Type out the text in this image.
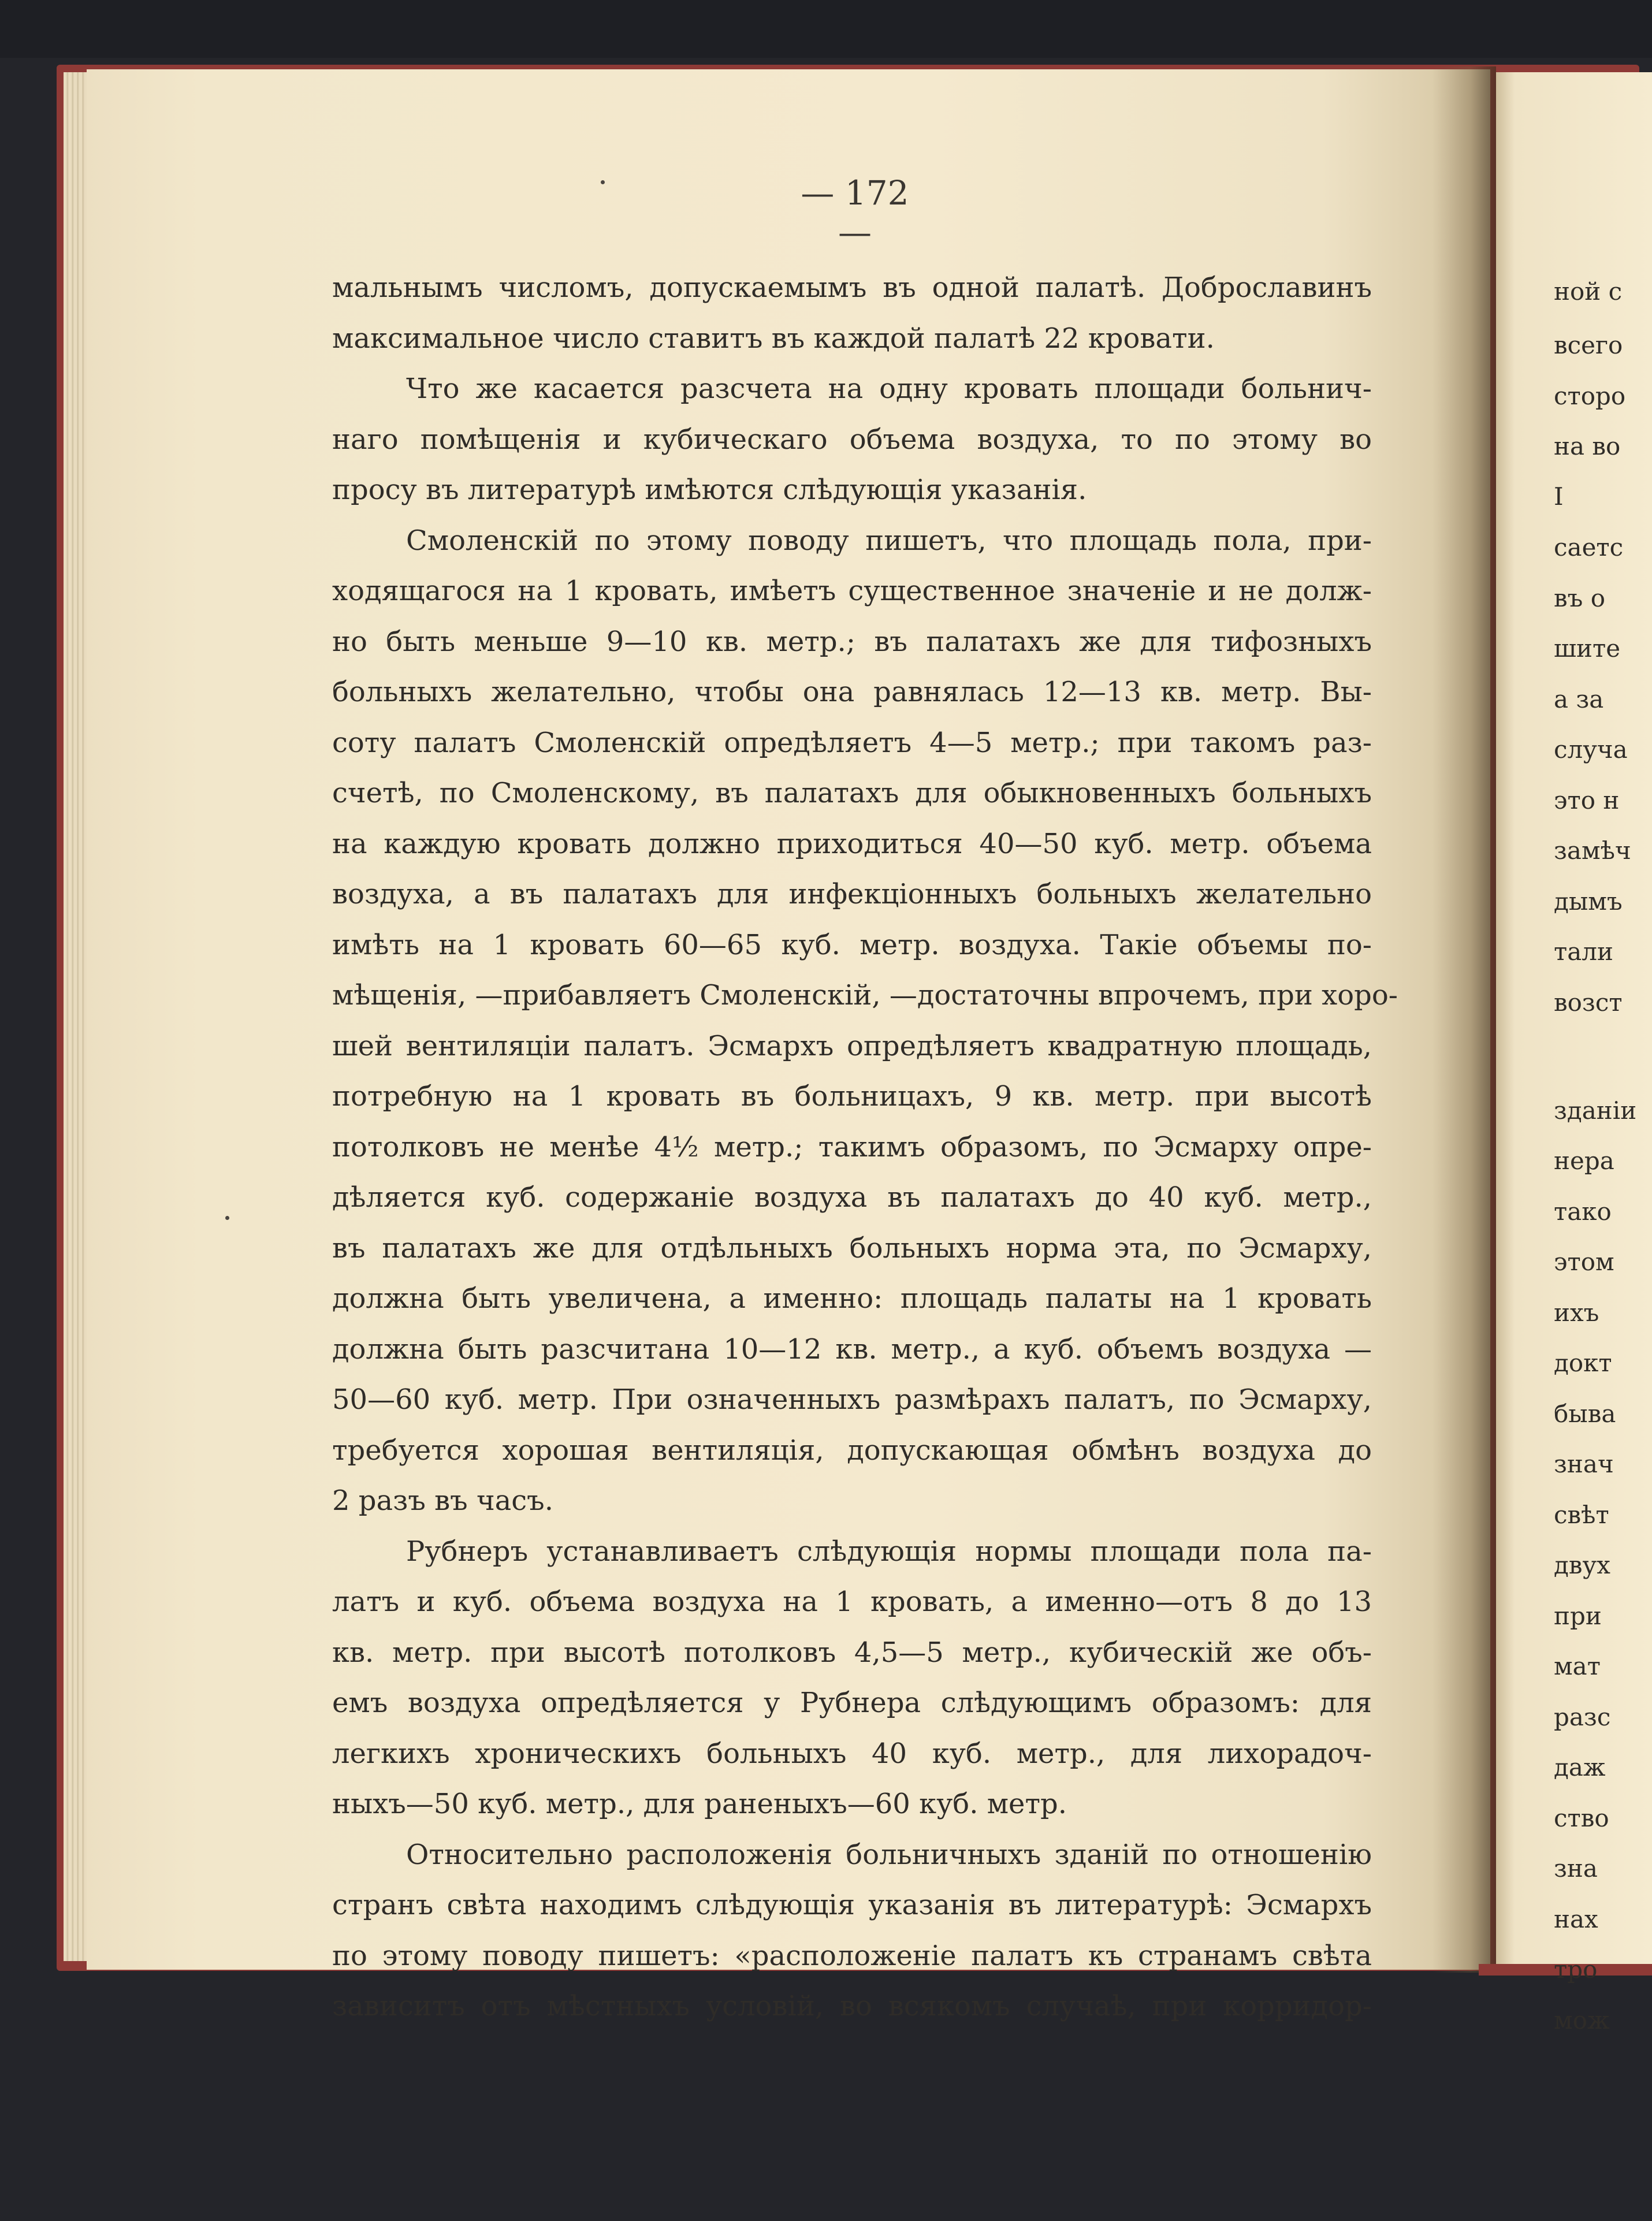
— 172 —
мальнымъ числомъ, допускаемымъ въ одной палатѣ. Доброславинъ
максимальное число ставитъ въ каждой палатѣ 22 кровати.
Что же касается разсчета на одну кровать площади больнич-
наго помѣщенія и кубическаго объема воздуха, то по этому во
просу въ литературѣ имѣются слѣдующія указанія.
Смоленскій по этому поводу пишетъ, что площадь пола, при-
ходящагося на 1 кровать, имѣетъ существенное значеніе и не долж-
но быть меньше 9—10 кв. метр.; въ палатахъ же для тифозныхъ
больныхъ желательно, чтобы она равнялась 12—13 кв. метр. Вы-
соту палатъ Смоленскій опредѣляетъ 4—5 метр.; при такомъ раз-
счетѣ, по Смоленскому, въ палатахъ для обыкновенныхъ больныхъ
на каждую кровать должно приходиться 40—50 куб. метр. объема
воздуха, а въ палатахъ для инфекціонныхъ больныхъ желательно
имѣть на 1 кровать 60—65 куб. метр. воздуха. Такіе объемы по-
мѣщенія, —прибавляетъ Смоленскій, —достаточны впрочемъ, при хоро-
шей вентиляціи палатъ. Эсмархъ опредѣляетъ квадратную площадь,
потребную на 1 кровать въ больницахъ, 9 кв. метр. при высотѣ
потолковъ не менѣе 4½ метр.; такимъ образомъ, по Эсмарху опре-
дѣляется куб. содержаніе воздуха въ палатахъ до 40 куб. метр.,
въ палатахъ же для отдѣльныхъ больныхъ норма эта, по Эсмарху,
должна быть увеличена, а именно: площадь палаты на 1 кровать
должна быть разсчитана 10—12 кв. метр., а куб. объемъ воздуха —
50—60 куб. метр. При означенныхъ размѣрахъ палатъ, по Эсмарху,
требуется хорошая вентиляція, допускающая обмѣнъ воздуха до
2 разъ въ часъ.
Рубнеръ устанавливаетъ слѣдующія нормы площади пола па-
латъ и куб. объема воздуха на 1 кровать, а именно—отъ 8 до 13
кв. метр. при высотѣ потолковъ 4,5—5 метр., кубическій же объ-
емъ воздуха опредѣляется у Рубнера слѣдующимъ образомъ: для
легкихъ хроническихъ больныхъ 40 куб. метр., для лихорадоч-
ныхъ—50 куб. метр., для раненыхъ—60 куб. метр.
Относительно расположенія больничныхъ зданій по отношенію
странъ свѣта находимъ слѣдующія указанія въ литературѣ: Эсмархъ
по этому поводу пишетъ: «расположеніе палатъ къ странамъ свѣта
зависитъ отъ мѣстныхъ условій, во всякомъ случаѣ, при корридор-
ной с
всего
сторо
на во
І
саетс
въ о
шите
а за
случа
это н
замѣч
дымъ
тали
возст
зданіи
нера
тако
этом
ихъ
докт
быва
знач
свѣт
двух
при
мат
разс
даж
ство
зна
нах
тро
мож
